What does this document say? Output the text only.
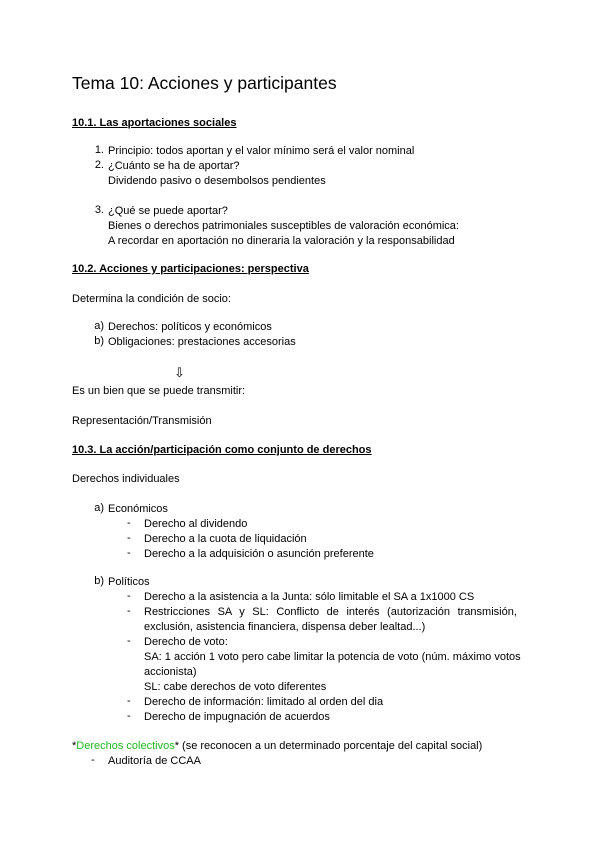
Tema 10: Acciones y participantes
10.1. Las aportaciones sociales
1. Principio: todos aportan y el valor mínimo será el valor nominal
2. ¿Cuánto se ha de aportar?
Dividendo pasivo o desembolsos pendientes
3. ¿Qué se puede aportar?
Bienes o derechos patrimoniales susceptibles de valoración económica:
A recordar en aportación no dineraria la valoración y la responsabilidad
10.2. Acciones y participaciones: perspectiva
Determina la condición de socio:
a) Derechos: políticos y económicos
b) Obligaciones: prestaciones accesorias
⇩
Es un bien que se puede transmitir:
Representación/Transmisión
10.3. La acción/participación como conjunto de derechos
Derechos individuales
a) Económicos
- Derecho al dividendo
- Derecho a la cuota de liquidación
- Derecho a la adquisición o asunción preferente
b) Políticos
- Derecho a la asistencia a la Junta: sólo limitable el SA a 1x1000 CS
- Restricciones SA y SL: Conflicto de interés (autorización transmisión,
exclusión, asistencia financiera, dispensa deber lealtad...)
- Derecho de voto:
SA: 1 acción 1 voto pero cabe limitar la potencia de voto (núm. máximo votos
accionista)
SL: cabe derechos de voto diferentes
- Derecho de información: limitado al orden del dia
- Derecho de impugnación de acuerdos
*Derechos colectivos* (se reconocen a un determinado porcentaje del capital social)
- Auditoría de CCAA
